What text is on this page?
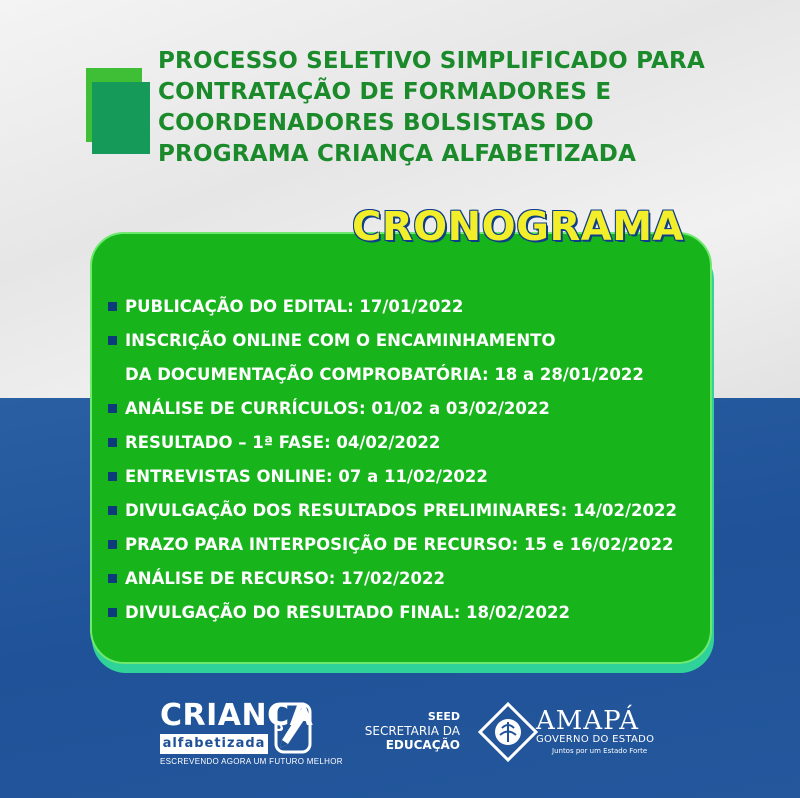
PROCESSO SELETIVO SIMPLIFICADO PARA
CONTRATAÇÃO DE FORMADORES E
COORDENADORES BOLSISTAS DO
PROGRAMA CRIANÇA ALFABETIZADA
CRONOGRAMA
PUBLICAÇÃO DO EDITAL: 17/01/2022
INSCRIÇÃO ONLINE COM O ENCAMINHAMENTO
DA DOCUMENTAÇÃO COMPROBATÓRIA: 18 a 28/01/2022
ANÁLISE DE CURRÍCULOS: 01/02 a 03/02/2022
RESULTADO – 1ª FASE: 04/02/2022
ENTREVISTAS ONLINE: 07 a 11/02/2022
DIVULGAÇÃO DOS RESULTADOS PRELIMINARES: 14/02/2022
PRAZO PARA INTERPOSIÇÃO DE RECURSO: 15 e 16/02/2022
ANÁLISE DE RECURSO: 17/02/2022
DIVULGAÇÃO DO RESULTADO FINAL: 18/02/2022
CRIANÇA
alfabetizada
ESCREVENDO AGORA UM FUTURO MELHOR
SEED
SECRETARIA DA
EDUCAÇÃO
AMAPÁ
GOVERNO DO ESTADO
Juntos por um Estado Forte
